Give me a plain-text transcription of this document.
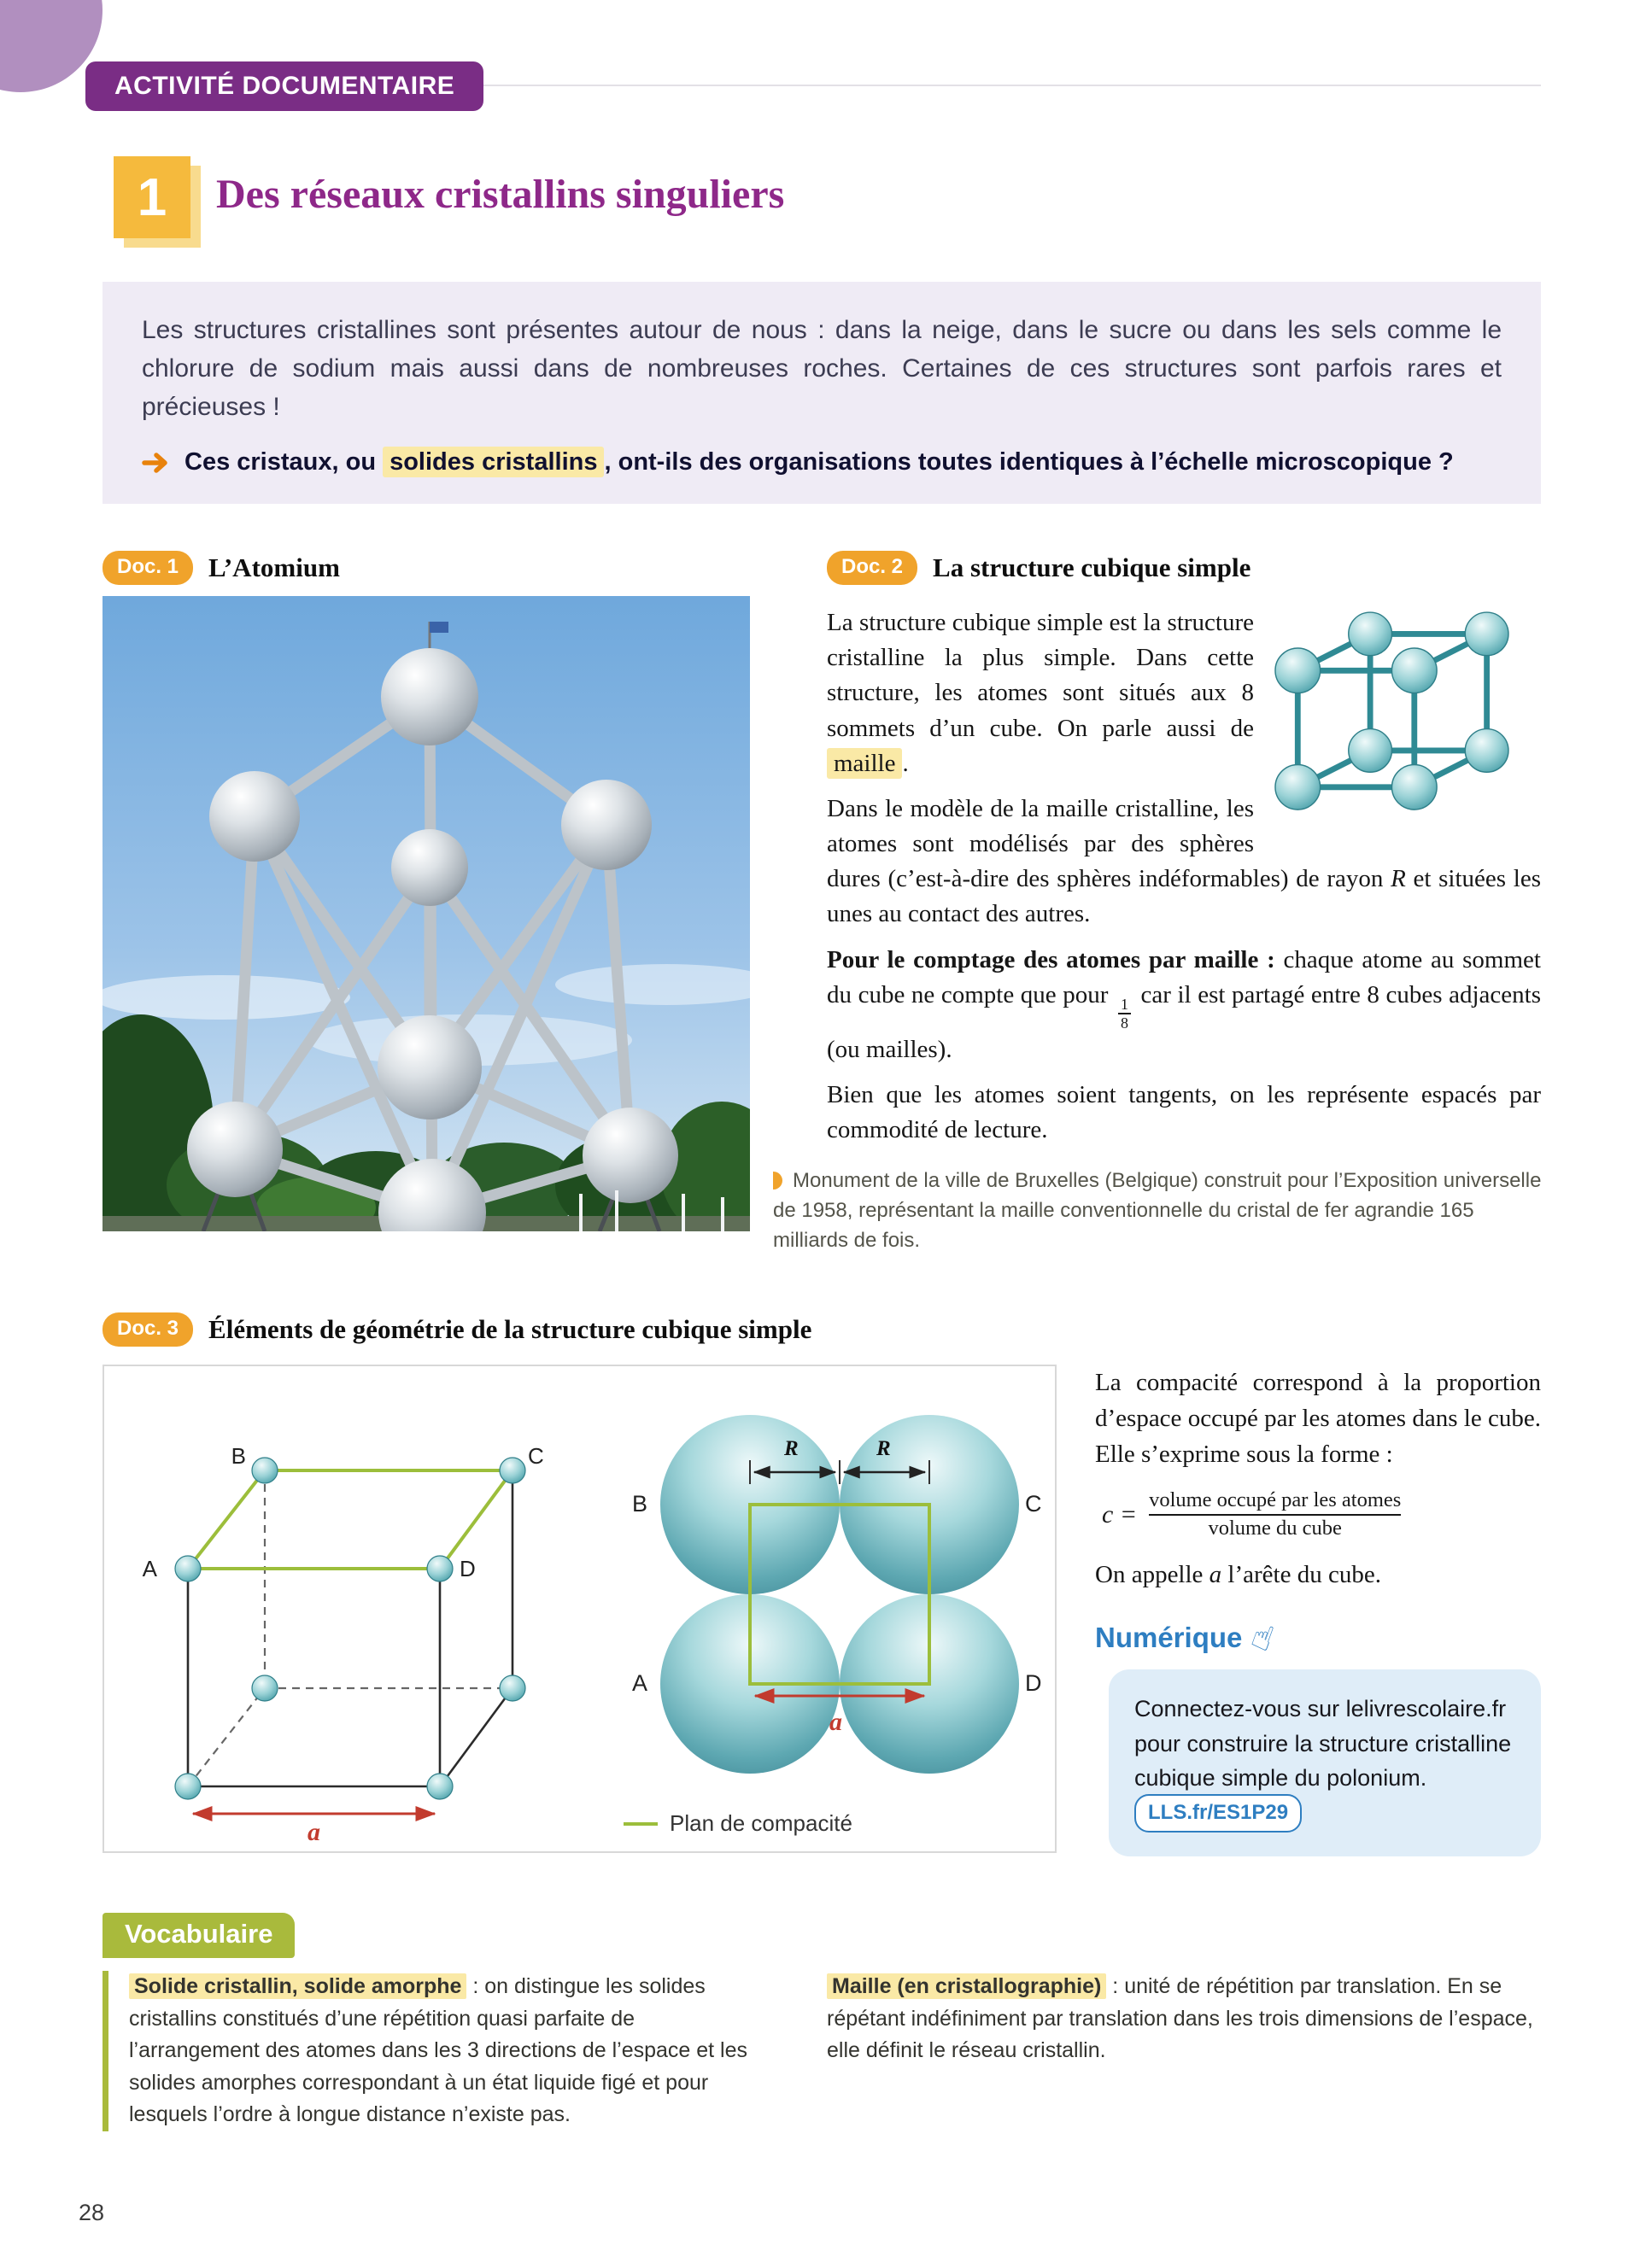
ACTIVITÉ DOCUMENTAIRE
1	Des réseaux cristallins singuliers

Les structures cristallines sont présentes autour de nous : dans la neige, dans le sucre ou dans les sels comme le chlorure de sodium mais aussi dans de nombreuses roches. Certaines de ces structures sont parfois rares et précieuses !

Ces cristaux, ou solides cristallins , ont-ils des organisations toutes identiques à l’échelle microscopique ?
Doc. 1	L’Atomium	Doc. 2	La structure cubique simple

La structure cubique simple est la structure cristalline la plus simple. Dans cette structure, les atomes sont situés aux 8 sommets d’un cube. On parle aussi de maille .

Dans le modèle de la maille cristalline, les atomes sont modélisés par des sphères dures (c’est-à-dire des sphères indéformables) de rayon R et situées les unes au contact des autres.

Pour le comptage des atomes par maille : chaque atome au sommet du cube ne compte que pour
$\frac{1}{8}$
car il est partagé entre 8 cubes adjacents (ou mailles).

Bien que les atomes soient tangents, on les représente espacés par commodité de lecture.

Monument de la ville de Bruxelles (Belgique) construit pour l’Exposition universelle de 1958, représentant la maille conventionnelle du cristal de fer agrandie 165 milliards de fois.
Doc. 3	Éléments de géométrie de la structure cubique simple
B	C
A	D
a
R	R
a
B	C
A	D
Plan de compacité

La compacité correspond à la proportion d’espace occupé par les atomes dans le cube. Elle s’exprime sous la forme :

$c = \frac{\text{volume occupé par les atomes}}{\text{volume du cube}}$

On appelle a l’arête du cube.

Numérique ☝
Connectez-vous sur lelivrescolaire.fr pour construire la structure cristalline cubique simple du polonium. LLS.fr/ES1P29
Vocabulaire
Solide cristallin, solide amorphe : on distingue les solides cristallins constitués d’une répétition quasi parfaite de l’arrangement des atomes dans les 3 directions de l’espace et les solides amorphes correspondant à un état liquide figé et pour lesquels l’ordre à longue distance n’existe pas.
Maille (en cristallographie) : unité de répétition par translation. En se répétant indéfiniment par translation dans les trois dimensions de l’espace, elle définit le réseau cristallin.
28
